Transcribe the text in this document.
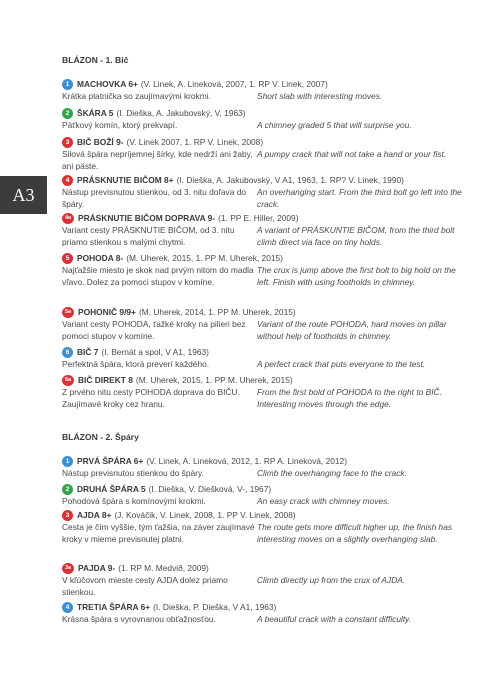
A3
BLÁZON - 1. Bič
1 MACHOVKA 6+ (V. Linek, A. Lineková, 2007, 1. RP V. Linek, 2007)
Krátka platnička so zaujímavými krokmi.	Short slab with interesting moves.
2 ŠKÁRA 5 (I. Dieška, A. Jakubovský, V, 1963)
Päťkový komín, ktorý prekvapí.	A chimney graded 5 that will surprise you.
3 BIČ BOŽÍ 9- (V. Linek 2007, 1. RP V. Linek, 2008)
Silová špára nepríjemnej šírky, kde nedrží ani žaby, ani päste.
A pumpy crack that will not take a hand or your fist.
4 PRÁSKNUTIE BIČOM 8+ (I. Dieška, A. Jakubovský, V A1, 1963, 1. RP? V. Linek, 1990)
Nástup previsnutou stienkou, od 3. nitu doľava do špáry.
An overhanging start. From the third bolt go left into the crack.
4a PRÁSKNUTIE BIČOM DOPRAVA 9- (1. PP E. Hiller, 2009)
Variant cesty PRÁSKNUTIE BIČOM, od 3. nitu priamo stienkou s malými chytmi.
A variant of PRÁSKUNTIE BIČOM, from the third bolt climb direct via face on tiny holds.
5 POHODA 8- (M. Uherek, 2015, 1. PP M. Uherek, 2015)
Najťažšie miesto je skok nad prvým nitom do madla vľavo. Dolez za pomoci stupov v komíne.
The crux is jump above the first bolt to big hold on the left. Finish with using footholds in chimney.
5a POHONIČ 9/9+ (M. Uherek, 2014, 1. PP M. Uherek, 2015)
Variant cesty POHODA, ťažké kroky na pilieri bez pomoci stupov v komíne.
Variant of the route POHODA, hard moves on pillar without help of footholds in chimney.
6 BIČ 7 (I. Bernát a spol, V A1, 1963)
Perfektná špára, ktorá preverí každého.	A perfect crack that puts everyone to the test.
6a BIČ DIREKT 8 (M. Uherek, 2015, 1. PP M. Uherek, 2015)
Z prvého nitu cesty POHODA doprava do BIČU. Zaujímavé kroky cez hranu.
From the first bold of POHODA to the right to BIČ. Interesting moves through the edge.
BLÁZON - 2. Špáry
1 PRVÁ ŠPÁRA 6+ (V. Linek, A. Lineková, 2012, 1. RP A. Lineková, 2012)
Nástup previsnutou stienkou do špáry.	Climb the overhanging face to the crack.
2 DRUHÁ ŠPÁRA 5 (I. Dieška, V. Diešková, V-, 1967)
Pohodová špára s komínovými krokmi.	An easy crack with chimney moves.
3 AJDA 8+ (J. Kováčik, V. Linek, 2008, 1. PP V. Linek, 2008)
Cesta je čím vyššie, tým ťažšia, na záver zaujímavé kroky v mierne previsnutej platni.
The route gets more difficult higher up, the finish has interesting moves on a slightly overhanging slab.
3a PAJDA 9- (1. RP M. Medvið, 2009)
V kľúčovom mieste cesty AJDA dolez priamo stienkou.
Climb directly up from the crux of AJDA.
4 TRETIA ŠPÁRA 6+ (I. Dieška, P. Dieška, V A1, 1963)
Krásna špára s vyrovnanou obťažnosťou.	A beautiful crack with a constant difficulty.
